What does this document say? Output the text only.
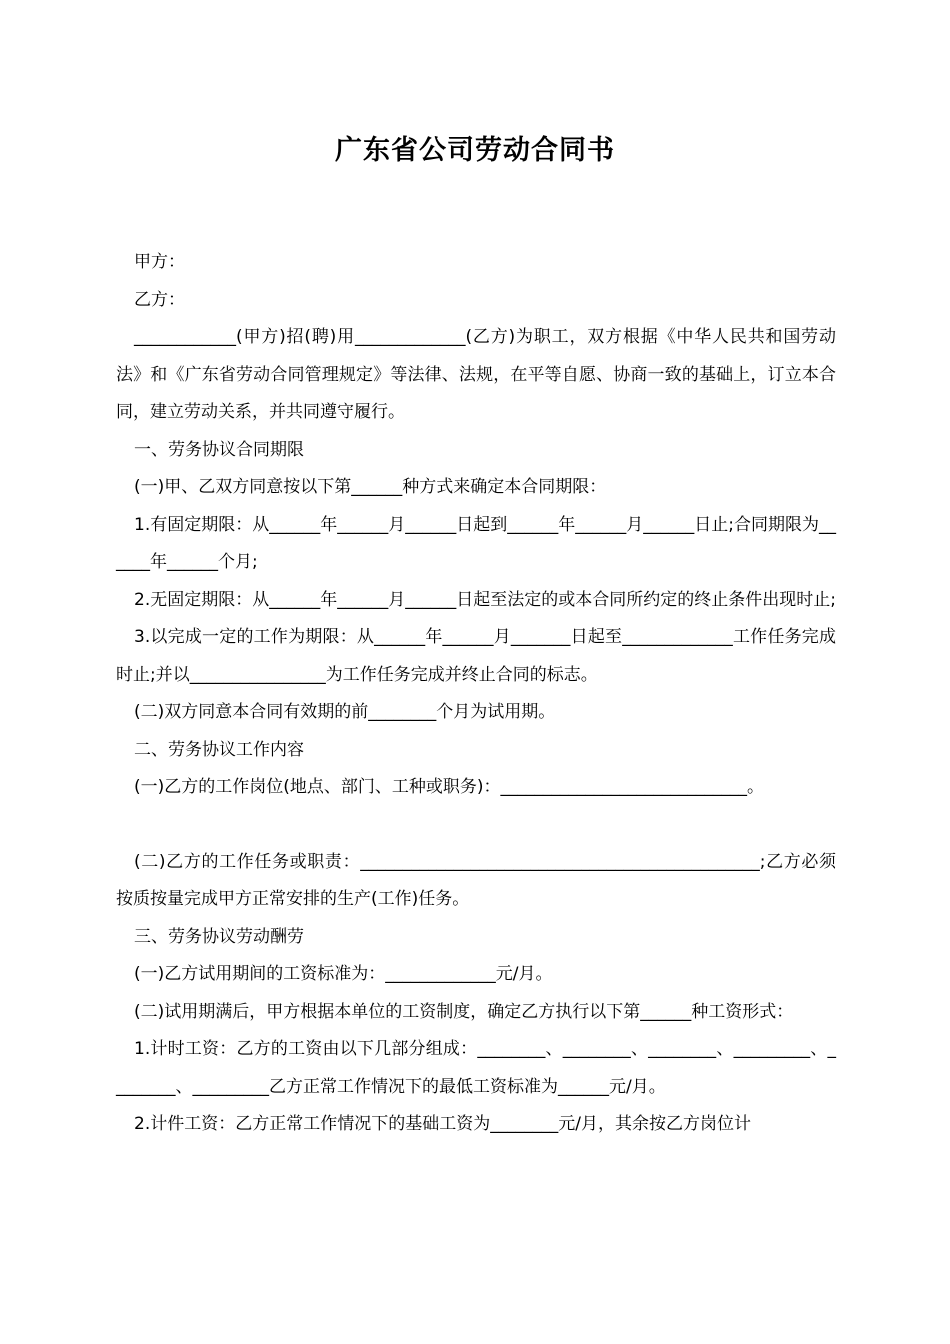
广东省公司劳动合同书

甲方：

乙方：

____________(甲方)招(聘)用_____________(乙方)为职工，双方根据《中华人民共和国劳动法》和《广东省劳动合同管理规定》等法律、法规，在平等自愿、协商一致的基础上，订立本合同，建立劳动关系，并共同遵守履行。

一、劳务协议合同期限

(一)甲、乙双方同意按以下第______种方式来确定本合同期限：

1.有固定期限：从______年______月______日起到______年______月______日止;合同期限为______年______个月;

2.无固定期限：从______年______月______日起至法定的或本合同所约定的终止条件出现时止;

3.以完成一定的工作为期限：从______年______月_______日起至_____________工作任务完成时止;并以________________为工作任务完成并终止合同的标志。

(二)双方同意本合同有效期的前________个月为试用期。

二、劳务协议工作内容

(一)乙方的工作岗位(地点、部门、工种或职务)：_____________________________。

(二)乙方的工作任务或职责：_______________________________________________;乙方必须按质按量完成甲方正常安排的生产(工作)任务。

三、劳务协议劳动酬劳

(一)乙方试用期间的工资标准为：_____________元/月。

(二)试用期满后，甲方根据本单位的工资制度，确定乙方执行以下第______种工资形式：

1.计时工资：乙方的工资由以下几部分组成：________、________、________、_________、________、_________乙方正常工作情况下的最低工资标准为______元/月。

2.计件工资：乙方正常工作情况下的基础工资为________元/月，其余按乙方岗位计
